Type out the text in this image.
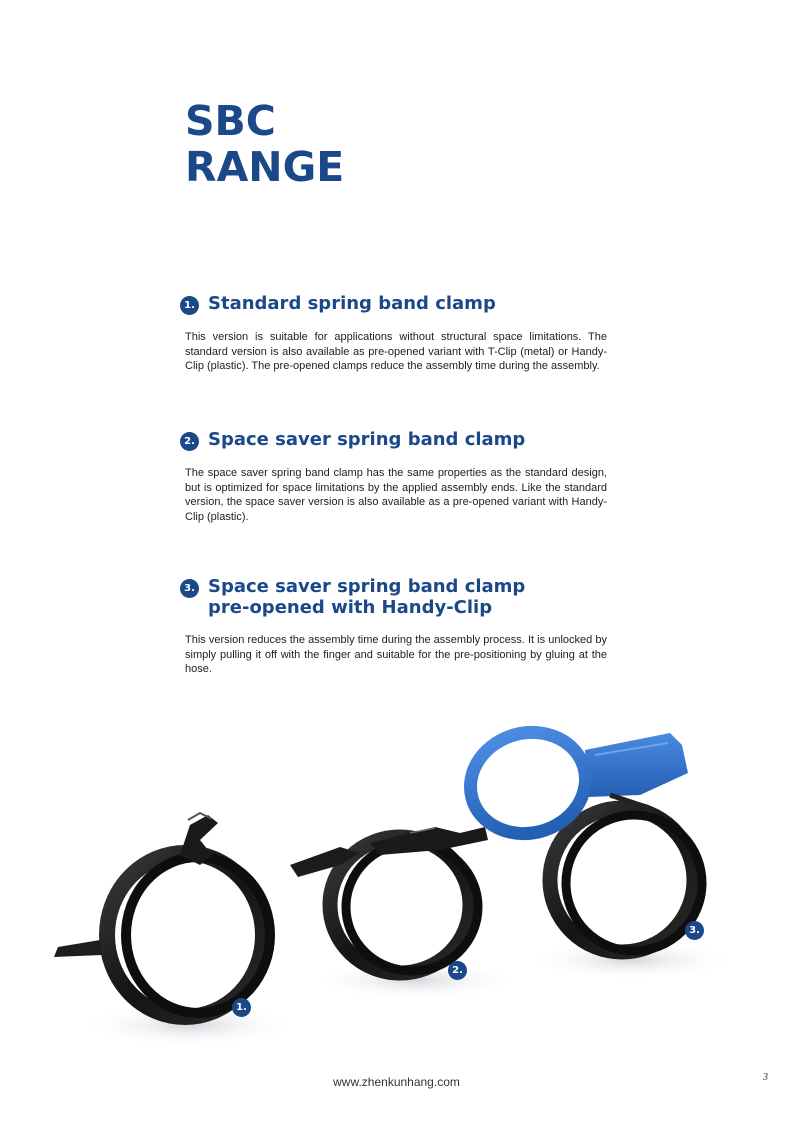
SBC
RANGE
1. Standard spring band clamp

This version is suitable for applications without structural space limitations. The standard version is also available as pre-opened variant with T-Clip (metal) or Handy-Clip (plastic). The pre-opened clamps reduce the assembly time during the assembly.

2. Space saver spring band clamp

The space saver spring band clamp has the same properties as the standard design, but is optimized for space limitations by the applied assembly ends. Like the standard version, the space saver version is also available as a pre-opened variant with Handy-Clip (plastic).

3. Space saver spring band clamp
pre-opened with Handy-Clip

This version reduces the assembly time during the assembly process. It is unlocked by simply pulling it off with the finger and suitable for the pre-positioning by gluing at the hose.

1.
2.
3.
www.zhenkunhang.com	3
